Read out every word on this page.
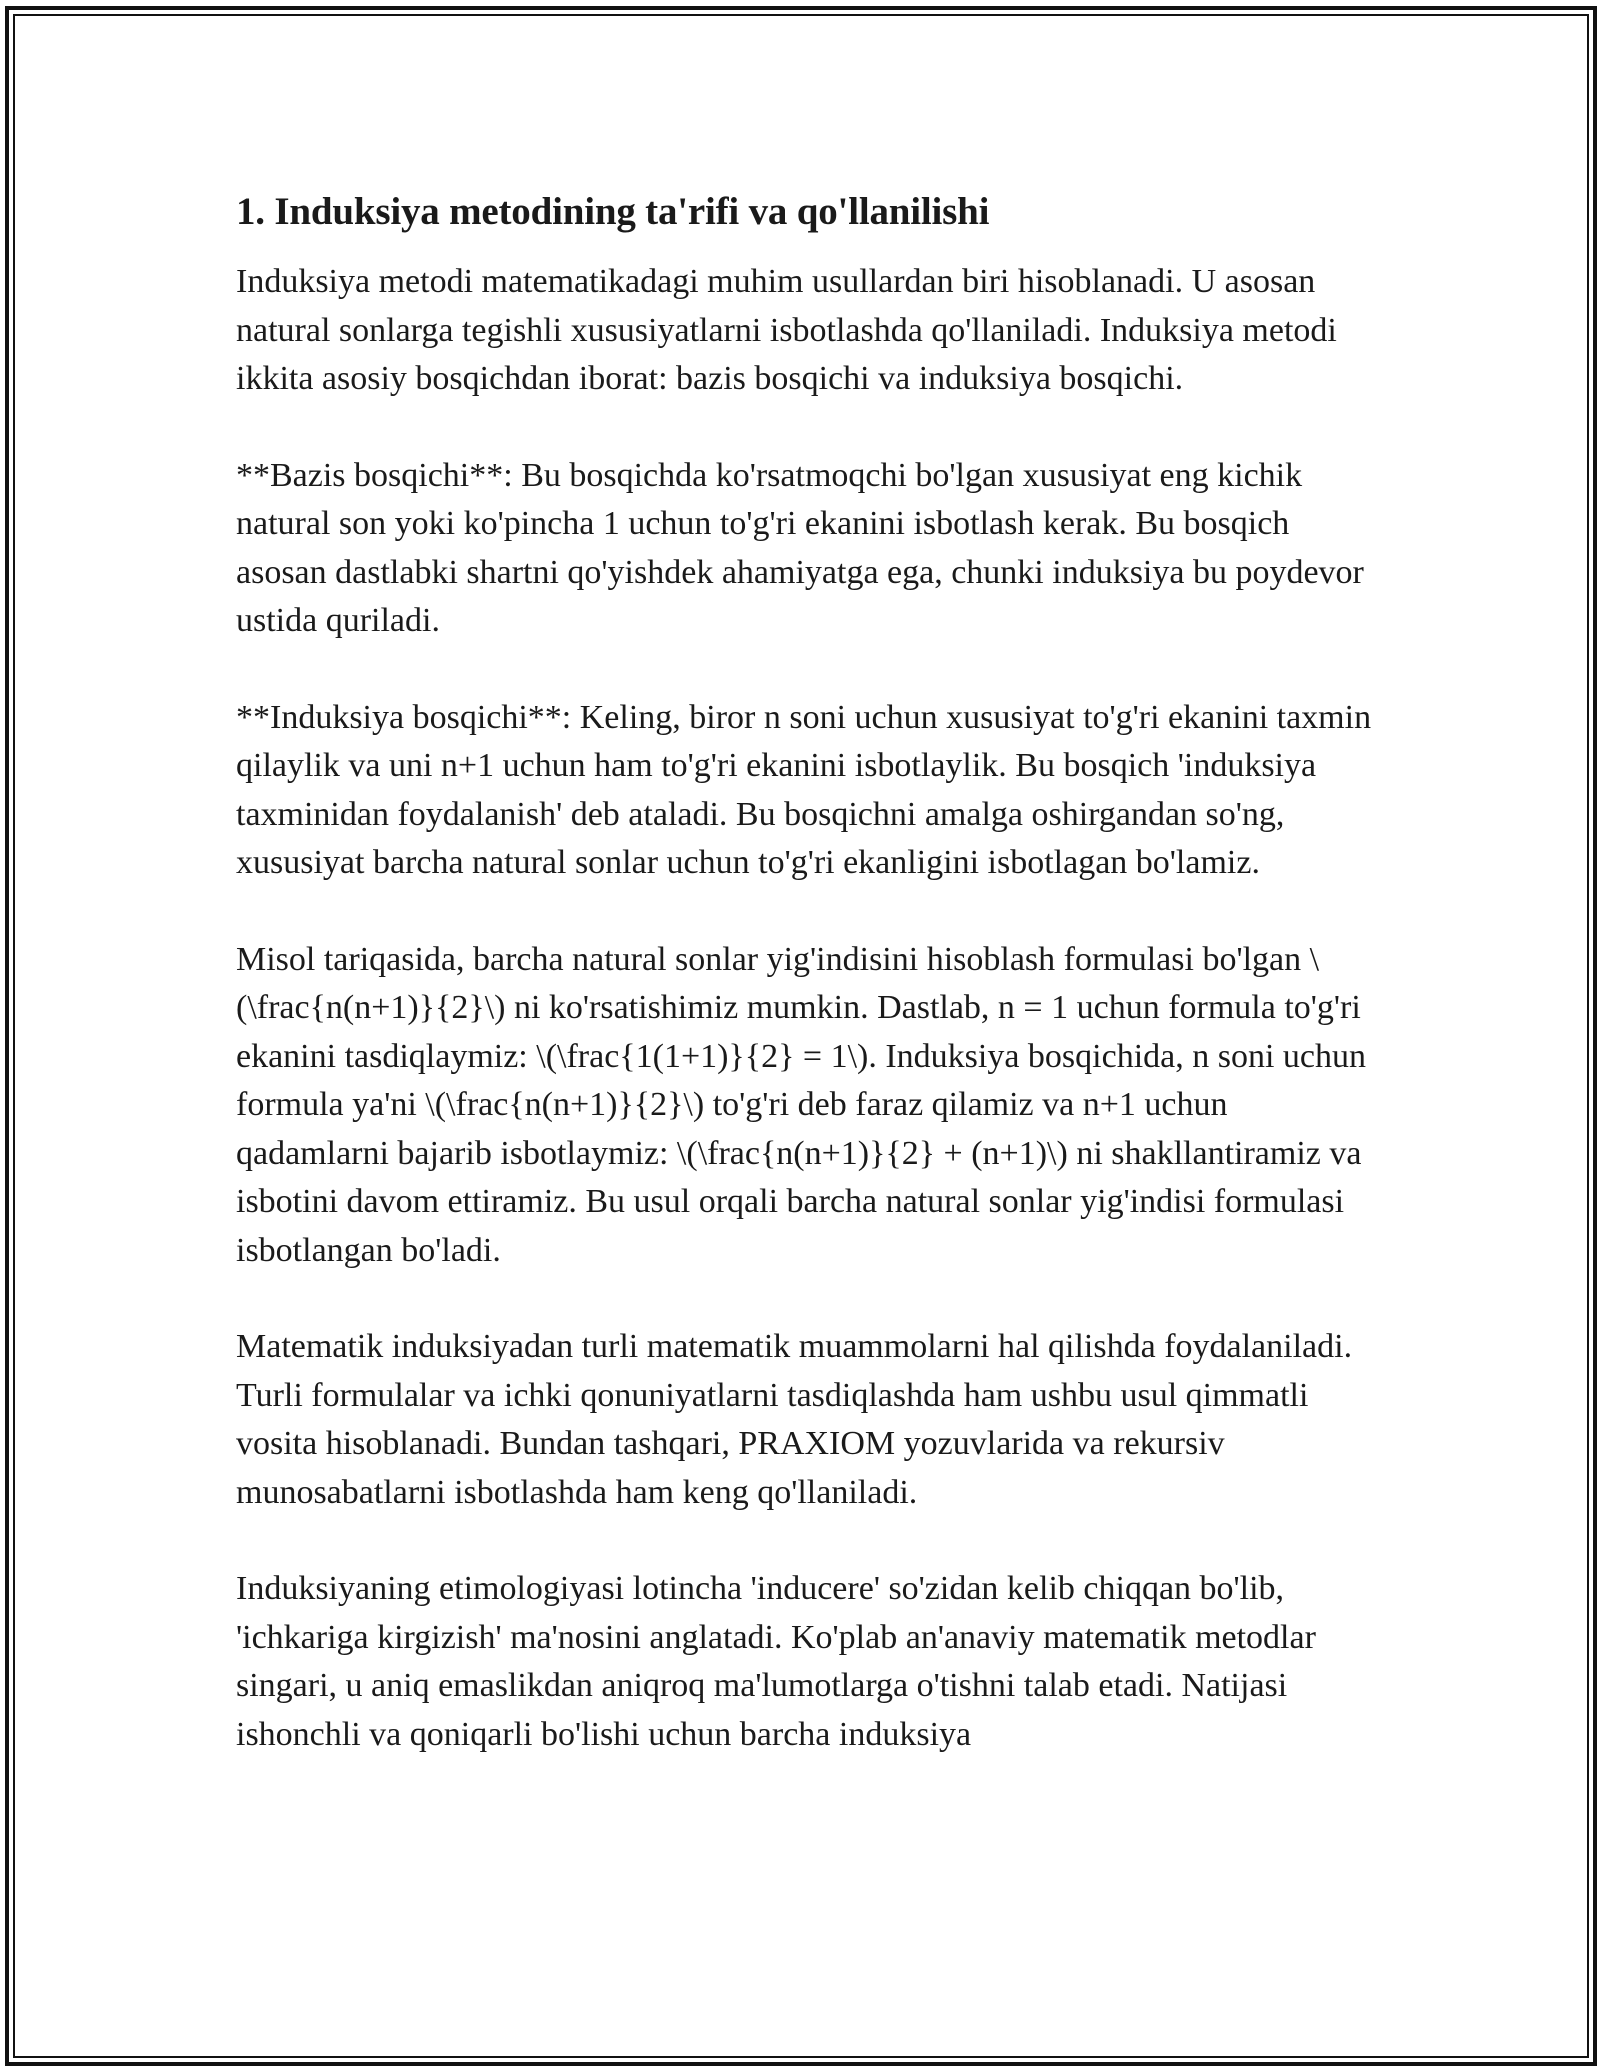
1. Induksiya metodining ta'rifi va qo'llanilishi

Induksiya metodi matematikadagi muhim usullardan biri hisoblanadi. U asosan natural sonlarga tegishli xususiyatlarni isbotlashda qo'llaniladi. Induksiya metodi ikkita asosiy bosqichdan iborat: bazis bosqichi va induksiya bosqichi.

**Bazis bosqichi**: Bu bosqichda ko'rsatmoqchi bo'lgan xususiyat eng kichik natural son yoki ko'pincha 1 uchun to'g'ri ekanini isbotlash kerak. Bu bosqich asosan dastlabki shartni qo'yishdek ahamiyatga ega, chunki induksiya bu poydevor ustida quriladi.

**Induksiya bosqichi**: Keling, biror n soni uchun xususiyat to'g'ri ekanini taxmin qilaylik va uni n+1 uchun ham to'g'ri ekanini isbotlaylik. Bu bosqich 'induksiya taxminidan foydalanish' deb ataladi. Bu bosqichni amalga oshirgandan so'ng, xususiyat barcha natural sonlar uchun to'g'ri ekanligini isbotlagan bo'lamiz.

Misol tariqasida, barcha natural sonlar yig'indisini hisoblash formulasi bo'lgan \(\frac{n(n+1)}{2}\) ni ko'rsatishimiz mumkin. Dastlab, n = 1 uchun formula to'g'ri ekanini tasdiqlaymiz: \(\frac{1(1+1)}{2} = 1\). Induksiya bosqichida, n soni uchun formula ya'ni \(\frac{n(n+1)}{2}\) to'g'ri deb faraz qilamiz va n+1 uchun qadamlarni bajarib isbotlaymiz: \(\frac{n(n+1)}{2} + (n+1)\) ni shakllantiramiz va isbotini davom ettiramiz. Bu usul orqali barcha natural sonlar yig'indisi formulasi isbotlangan bo'ladi.

Matematik induksiyadan turli matematik muammolarni hal qilishda foydalaniladi. Turli formulalar va ichki qonuniyatlarni tasdiqlashda ham ushbu usul qimmatli vosita hisoblanadi. Bundan tashqari, PRAXIOM yozuvlarida va rekursiv munosabatlarni isbotlashda ham keng qo'llaniladi.

Induksiyaning etimologiyasi lotincha 'inducere' so'zidan kelib chiqqan bo'lib, 'ichkariga kirgizish' ma'nosini anglatadi. Ko'plab an'anaviy matematik metodlar singari, u aniq emaslikdan aniqroq ma'lumotlarga o'tishni talab etadi. Natijasi ishonchli va qoniqarli bo'lishi uchun barcha induksiya
